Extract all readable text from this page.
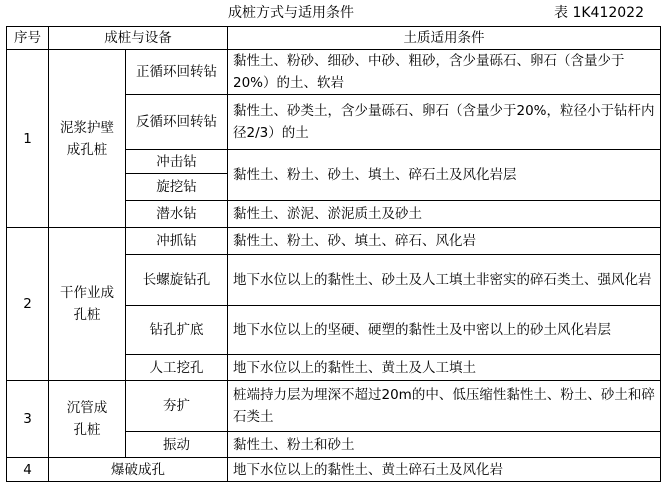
成桩方式与适用条件	表 1K412022
序号	成桩与设备		土质适用条件
1	泥浆护壁成孔桩	正循环回转钻	黏性土、粉砂、细砂、中砂、粗砂，含少量砾石、卵石（含量少于20%）的土、软岩
		反循环回转钻	黏性土、砂类土，含少量砾石、卵石（含量少于20%，粒径小于钻杆内径2/3）的土
		冲击钻	黏性土、粉土、砂土、填土、碎石土及风化岩层
		旋挖钻	
		潜水钻	黏性土、淤泥、淤泥质土及砂土
2	干作业成孔桩	冲抓钻	黏性土、粉土、砂、填土、碎石、风化岩
		长螺旋钻孔	地下水位以上的黏性土、砂土及人工填土非密实的碎石类土、强风化岩
		钻孔扩底	地下水位以上的坚硬、硬塑的黏性土及中密以上的砂土风化岩层
		人工挖孔	地下水位以上的黏性土、黄土及人工填土
3	沉管成孔桩	夯扩	桩端持力层为埋深不超过20m的中、低压缩性黏性土、粉土、砂土和碎石类土
		振动	黏性土、粉土和砂土
4	爆破成孔		地下水位以上的黏性土、黄土碎石土及风化岩
